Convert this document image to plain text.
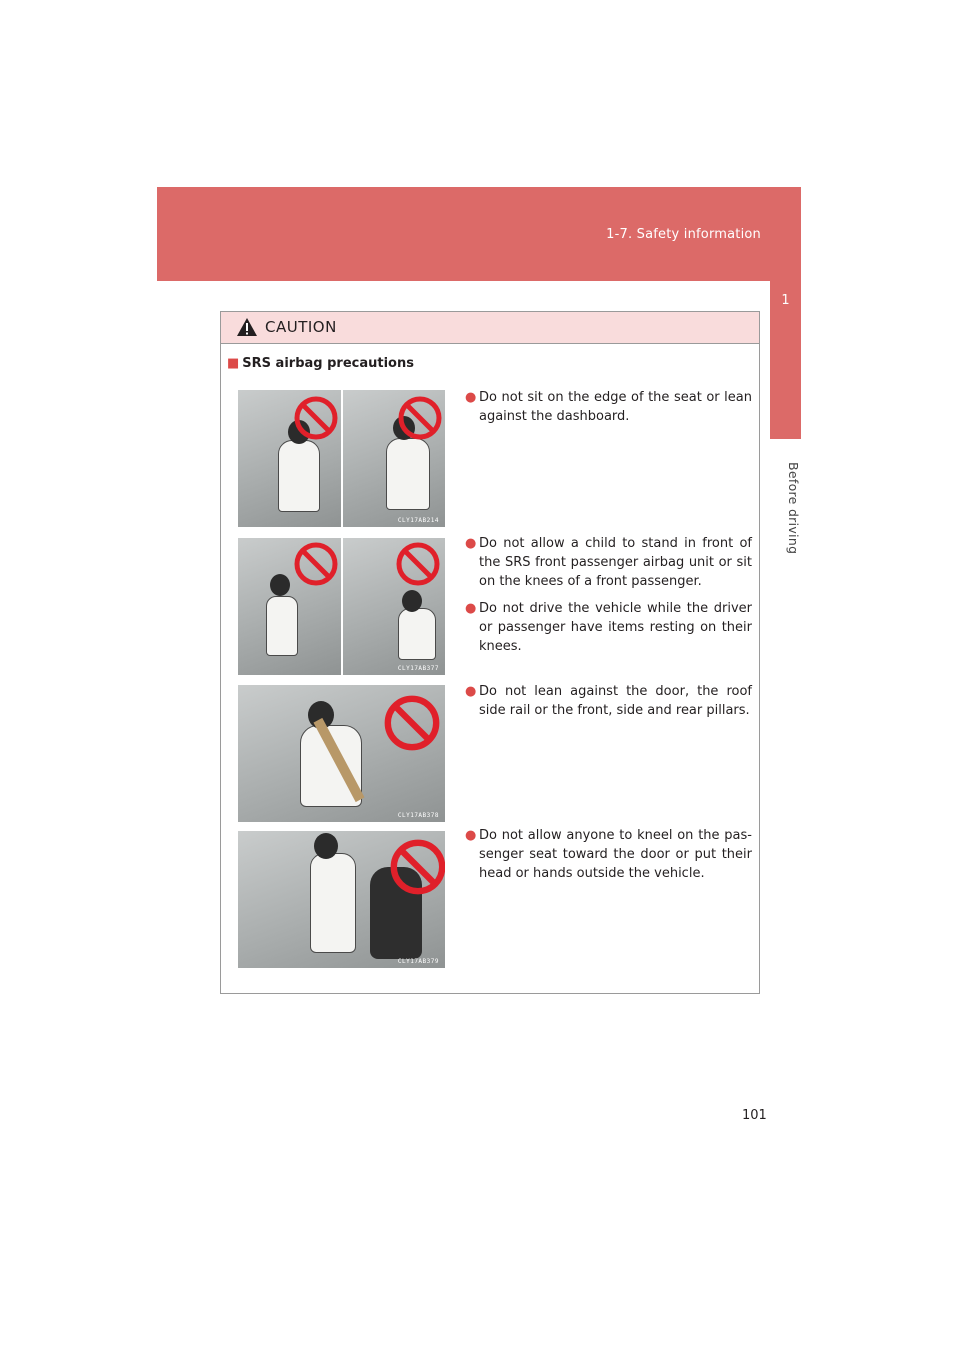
1-7. Safety information
1
Before driving
CAUTION
■ SRS airbag precautions
CLY17AB214
CLY17AB377
CLY17AB378
CLY17AB379
● Do not sit on the edge of the seat or lean against the dashboard.
● Do not allow a child to stand in front of the SRS front passenger airbag unit or sit on the knees of a front passenger.
● Do not drive the vehicle while the driver or passenger have items resting on their knees.
● Do not lean against the door, the roof side rail or the front, side and rear pillars.
● Do not allow anyone to kneel on the pas-senger seat toward the door or put their head or hands outside the vehicle.
101
